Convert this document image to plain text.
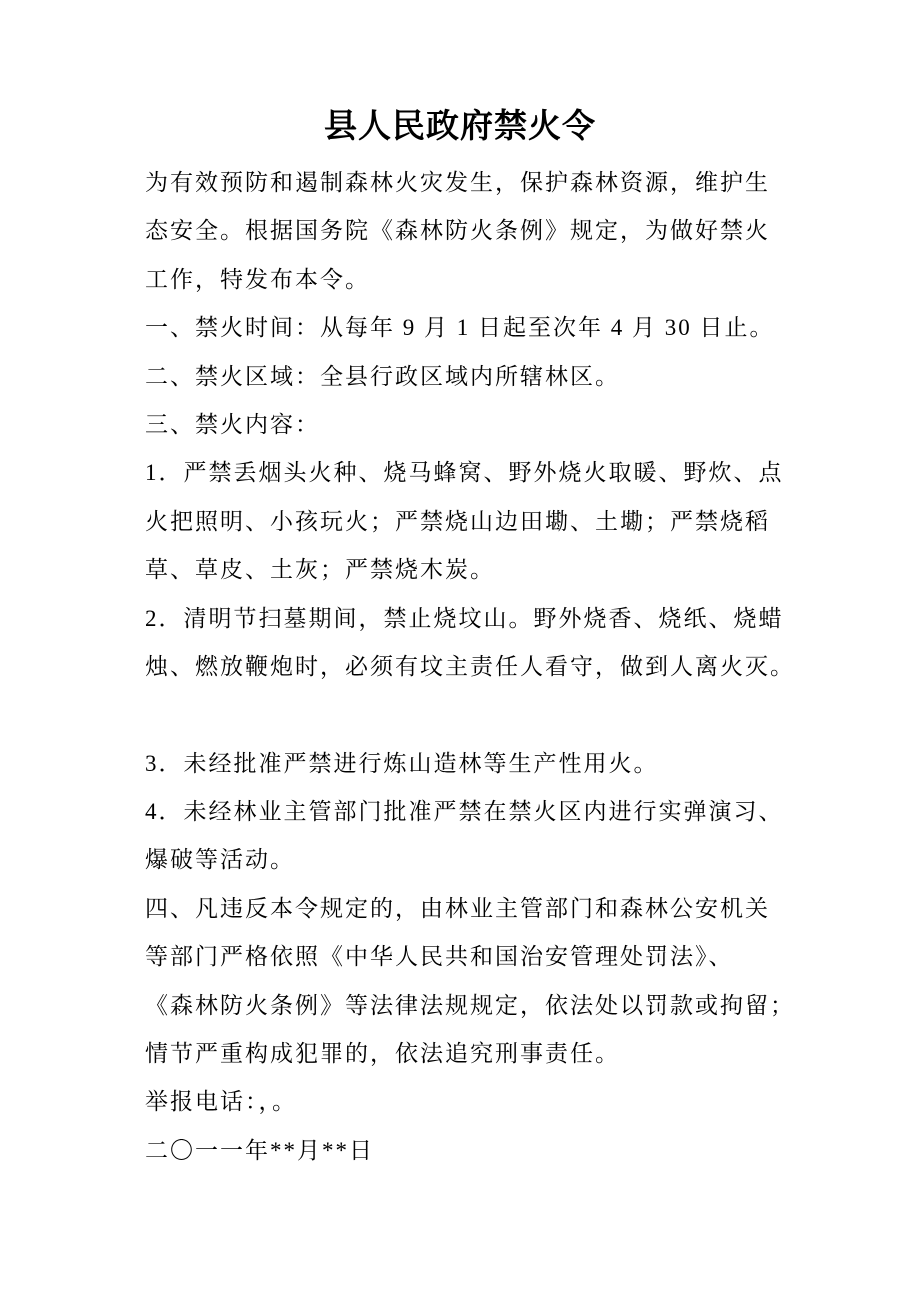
县人民政府禁火令
为有效预防和遏制森林火灾发生，保护森林资源，维护生
态安全。根据国务院《森林防火条例》规定，为做好禁火
工作，特发布本令。
一、禁火时间：从每年 9 月 1 日起至次年 4 月 30 日止。
二、禁火区域：全县行政区域内所辖林区。
三、禁火内容：
1．严禁丢烟头火种、烧马蜂窝、野外烧火取暖、野炊、点
火把照明、小孩玩火；严禁烧山边田墈、土墈；严禁烧稻
草、草皮、土灰；严禁烧木炭。
2．清明节扫墓期间，禁止烧坟山。野外烧香、烧纸、烧蜡
烛、燃放鞭炮时，必须有坟主责任人看守，做到人离火灭。
3．未经批准严禁进行炼山造林等生产性用火。
4．未经林业主管部门批准严禁在禁火区内进行实弹演习、
爆破等活动。
四、凡违反本令规定的，由林业主管部门和森林公安机关
等部门严格依照《中华人民共和国治安管理处罚法》、
《森林防火条例》等法律法规规定，依法处以罚款或拘留；
情节严重构成犯罪的，依法追究刑事责任。
举报电话：，。
二〇一一年**月**日
